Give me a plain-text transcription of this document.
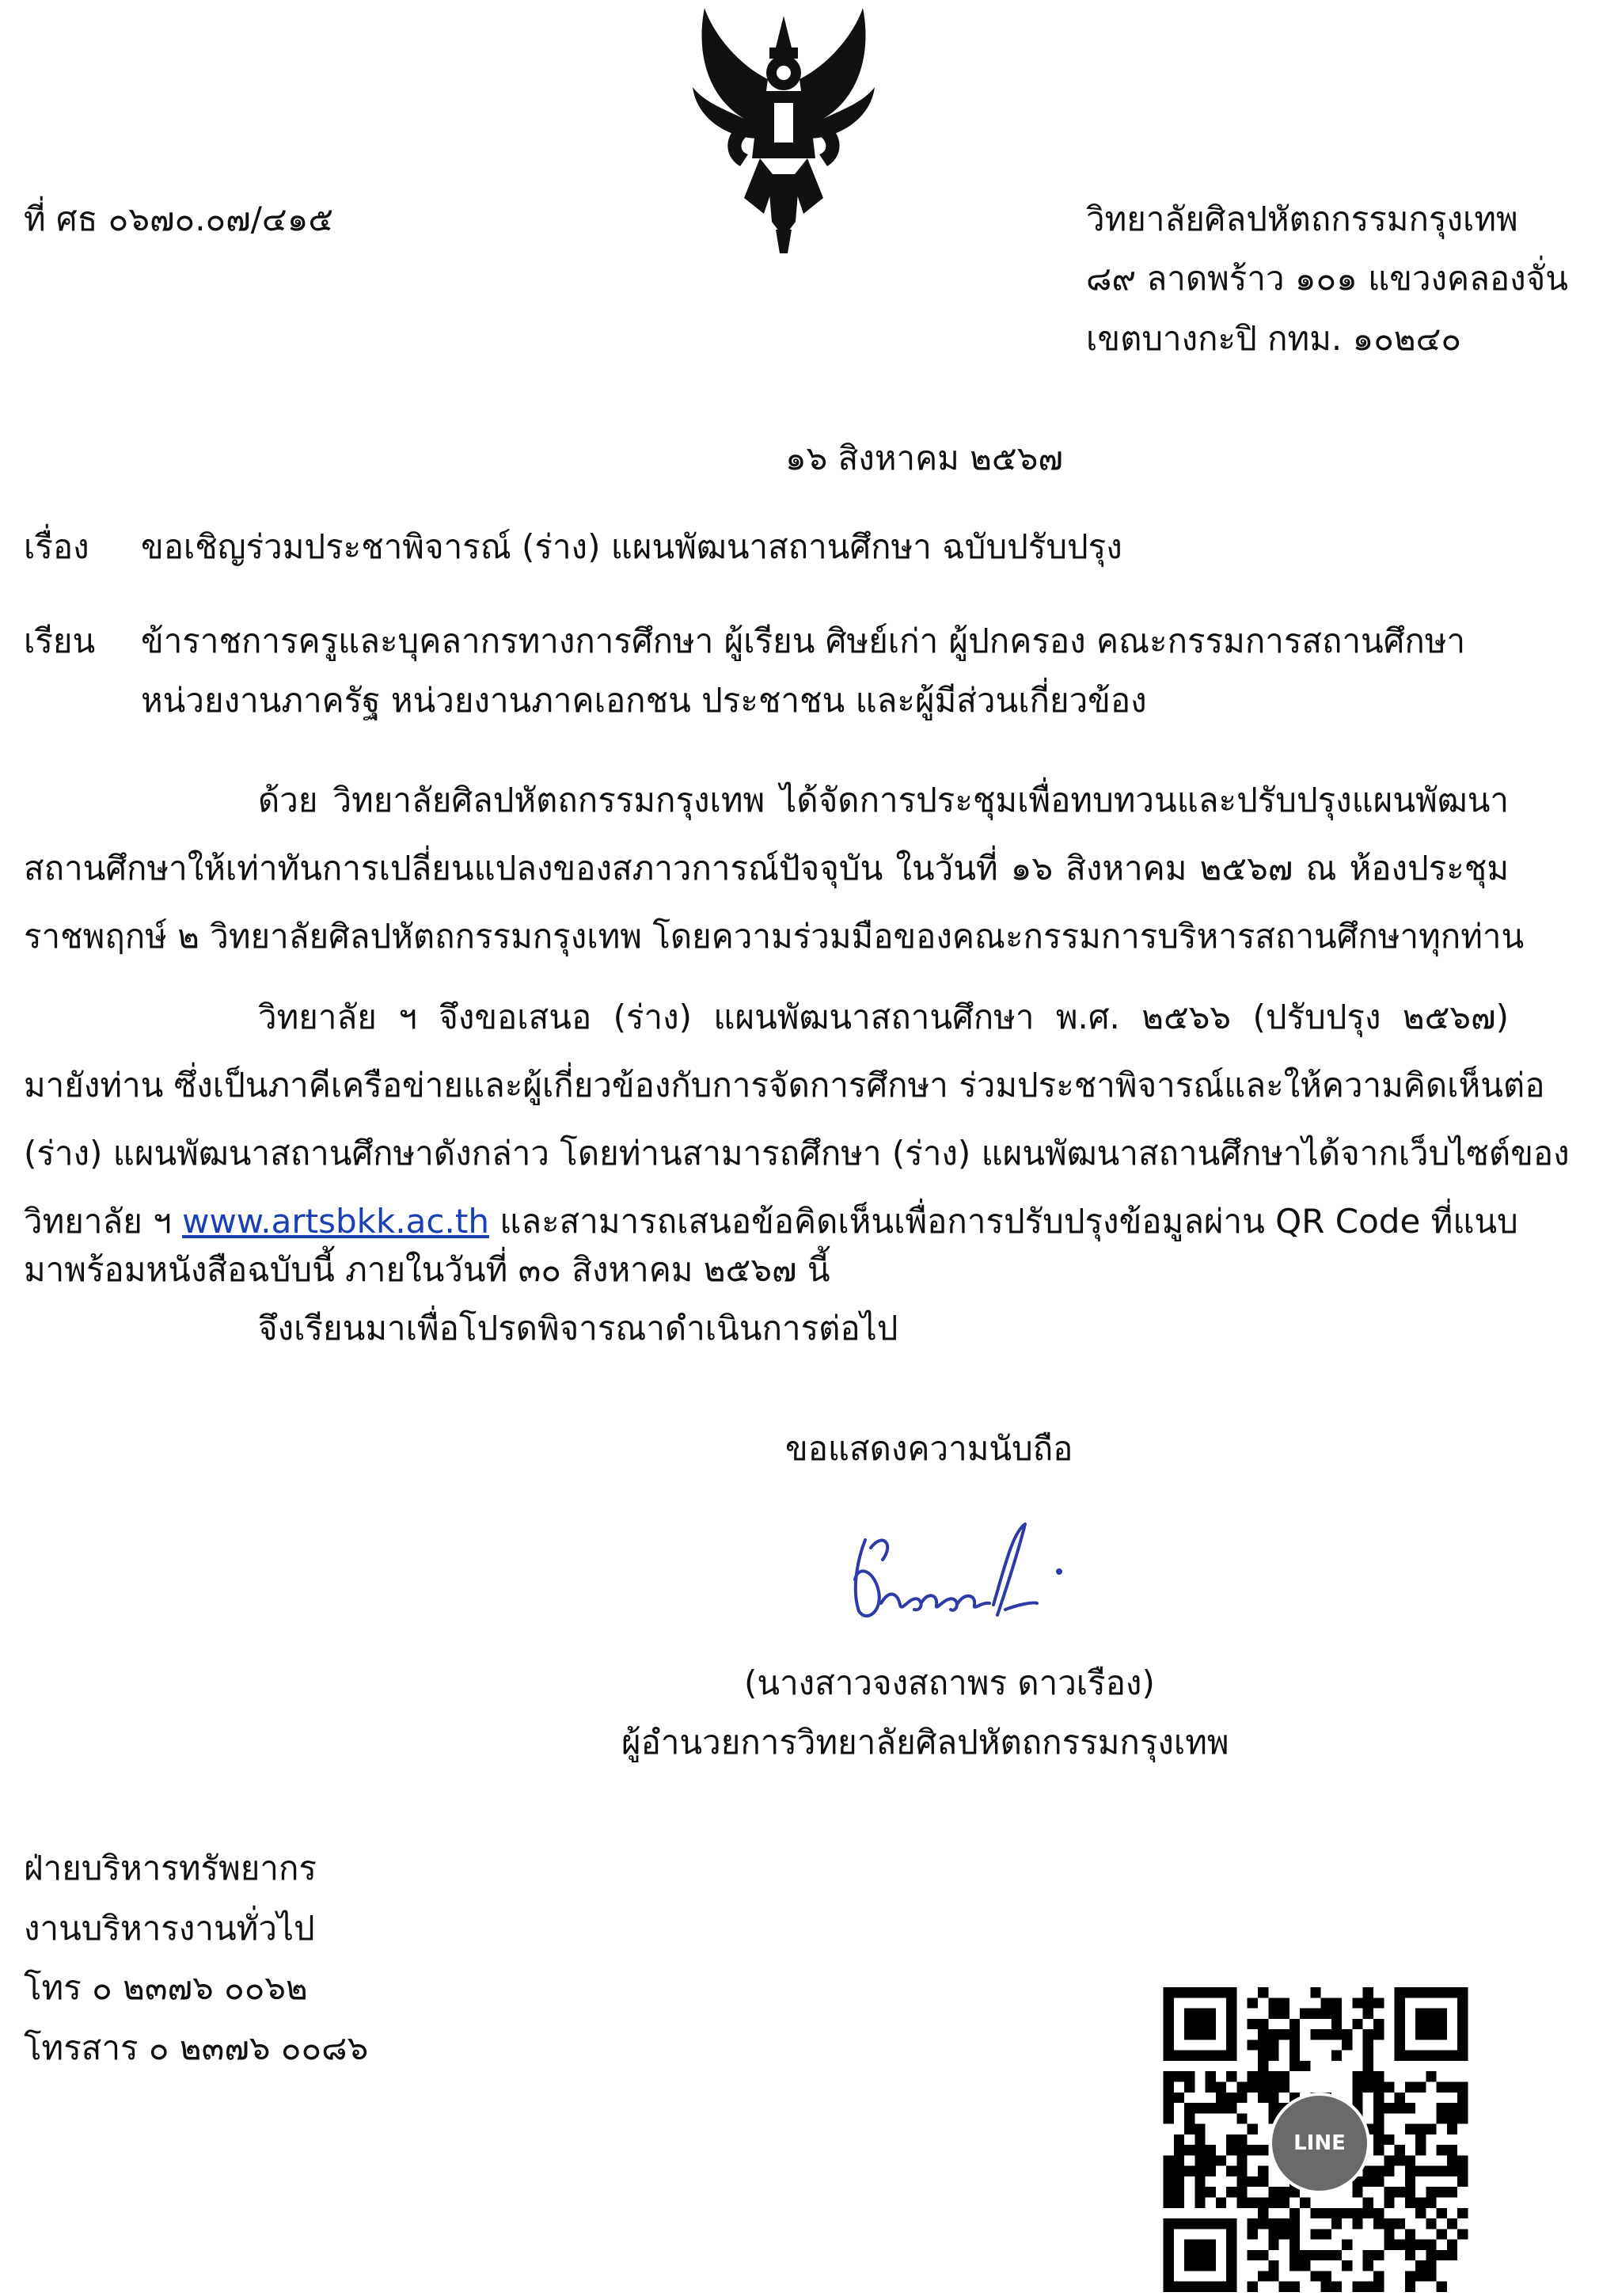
ที่ ศธ ๐๖๗๐.๐๗/๔๑๕	วิทยาลัยศิลปหัตถกรรมกรุงเทพ
๘๙ ลาดพร้าว ๑๐๑ แขวงคลองจั่น
เขตบางกะปิ กทม. ๑๐๒๔๐
๑๖ สิงหาคม ๒๕๖๗
เรื่อง ขอเชิญร่วมประชาพิจารณ์ (ร่าง) แผนพัฒนาสถานศึกษา ฉบับปรับปรุง
เรียน ข้าราชการครูและบุคลากรทางการศึกษา ผู้เรียน ศิษย์เก่า ผู้ปกครอง คณะกรรมการสถานศึกษา
หน่วยงานภาครัฐ หน่วยงานภาคเอกชน ประชาชน และผู้มีส่วนเกี่ยวข้อง
ด้วย วิทยาลัยศิลปหัตถกรรมกรุงเทพ ได้จัดการประชุมเพื่อทบทวนและปรับปรุงแผนพัฒนา
สถานศึกษาให้เท่าทันการเปลี่ยนแปลงของสภาวการณ์ปัจจุบัน ในวันที่ ๑๖ สิงหาคม ๒๕๖๗ ณ ห้องประชุม
ราชพฤกษ์ ๒ วิทยาลัยศิลปหัตถกรรมกรุงเทพ โดยความร่วมมือของคณะกรรมการบริหารสถานศึกษาทุกท่าน
วิทยาลัย ฯ จึงขอเสนอ (ร่าง) แผนพัฒนาสถานศึกษา พ.ศ. ๒๕๖๖ (ปรับปรุง ๒๕๖๗)
มายังท่าน ซึ่งเป็นภาคีเครือข่ายและผู้เกี่ยวข้องกับการจัดการศึกษา ร่วมประชาพิจารณ์และให้ความคิดเห็นต่อ
(ร่าง) แผนพัฒนาสถานศึกษาดังกล่าว โดยท่านสามารถศึกษา (ร่าง) แผนพัฒนาสถานศึกษาได้จากเว็บไซต์ของ
วิทยาลัย ฯ www.artsbkk.ac.th และสามารถเสนอข้อคิดเห็นเพื่อการปรับปรุงข้อมูลผ่าน QR Code ที่แนบ
มาพร้อมหนังสือฉบับนี้ ภายในวันที่ ๓๐ สิงหาคม ๒๕๖๗ นี้
จึงเรียนมาเพื่อโปรดพิจารณาดำเนินการต่อไป
ขอแสดงความนับถือ
(นางสาวจงสถาพร ดาวเรือง)
ผู้อำนวยการวิทยาลัยศิลปหัตถกรรมกรุงเทพ
ฝ่ายบริหารทรัพยากร
งานบริหารงานทั่วไป
โทร ๐ ๒๓๗๖ ๐๐๖๒
โทรสาร ๐ ๒๓๗๖ ๐๐๘๖
LINE
